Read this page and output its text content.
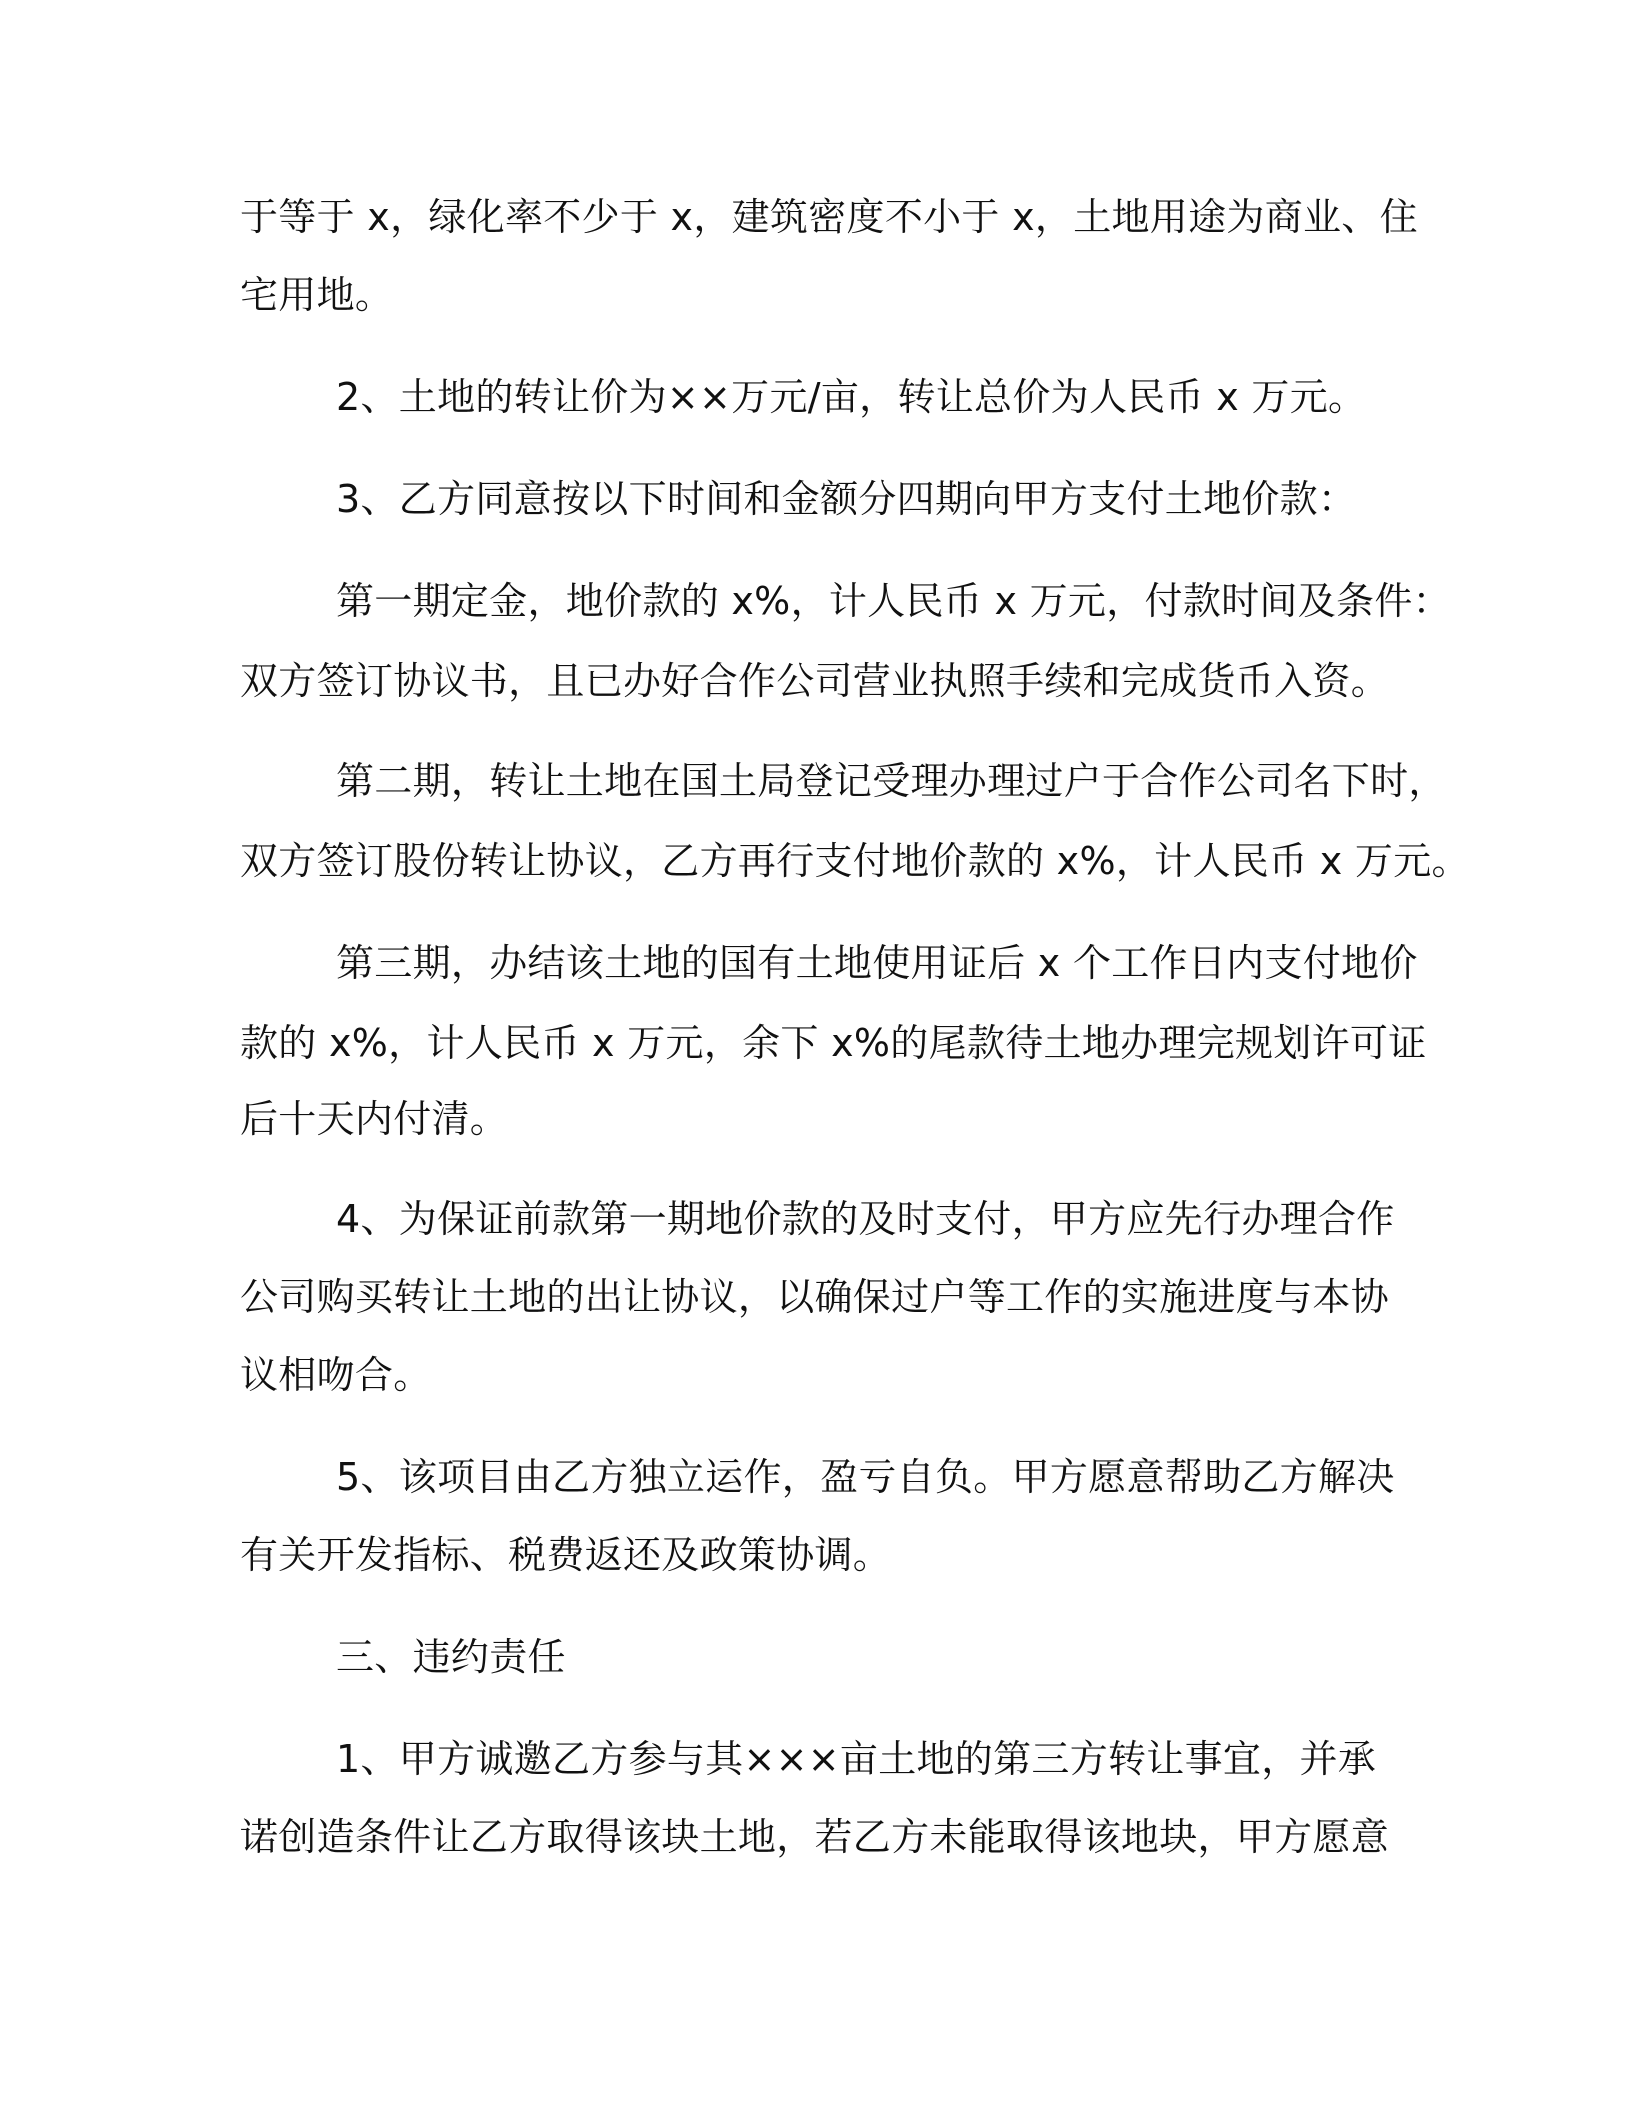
于等于 x，绿化率不少于 x，建筑密度不小于 x，土地用途为商业、住

宅用地。

2、土地的转让价为××万元/亩，转让总价为人民币 x 万元。

3、乙方同意按以下时间和金额分四期向甲方支付土地价款：

第一期定金，地价款的 x%，计人民币 x 万元，付款时间及条件：

双方签订协议书，且已办好合作公司营业执照手续和完成货币入资。

第二期，转让土地在国土局登记受理办理过户于合作公司名下时，

双方签订股份转让协议，乙方再行支付地价款的 x%，计人民币 x 万元。

第三期，办结该土地的国有土地使用证后 x 个工作日内支付地价

款的 x%，计人民币 x 万元，余下 x%的尾款待土地办理完规划许可证

后十天内付清。

4、为保证前款第一期地价款的及时支付，甲方应先行办理合作

公司购买转让土地的出让协议，以确保过户等工作的实施进度与本协

议相吻合。

5、该项目由乙方独立运作，盈亏自负。甲方愿意帮助乙方解决

有关开发指标、税费返还及政策协调。

三、违约责任

1、甲方诚邀乙方参与其×××亩土地的第三方转让事宜，并承

诺创造条件让乙方取得该块土地，若乙方未能取得该地块，甲方愿意
